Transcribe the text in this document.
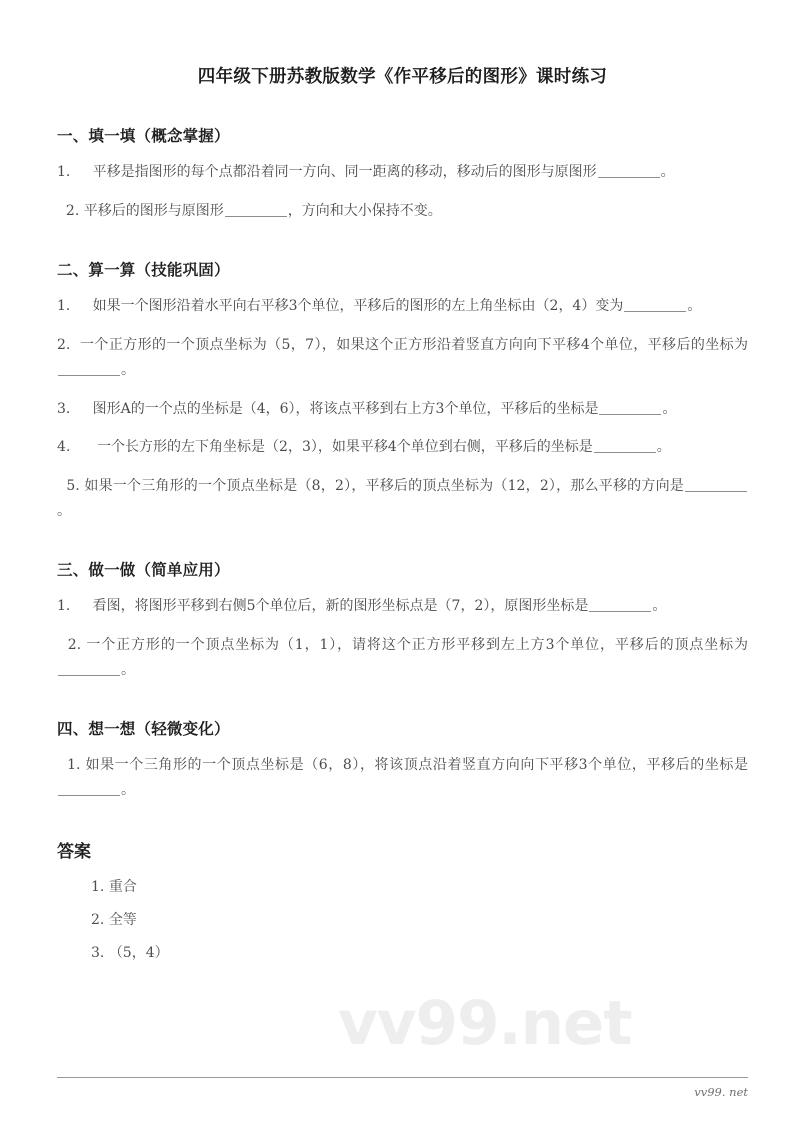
vv99.net
四年级下册苏教版数学《作平移后的图形》课时练习
一、填一填（概念掌握）
1. 平移是指图形的每个点都沿着同一方向、同一距离的移动，移动后的图形与原图形	。
2. 平移后的图形与原图形	，方向和大小保持不变。
二、算一算（技能巩固）
1. 如果一个图形沿着水平向右平移3个单位，平移后的图形的左上角坐标由（2，4）变为	。
2. 一个正方形的一个顶点坐标为（5，7），如果这个正方形沿着竖直方向向下平移4个单位，平移后的坐标为。
3. 图形A的一个点的坐标是（4，6），将该点平移到右上方3个单位，平移后的坐标是	。
4. 一个长方形的左下角坐标是（2，3），如果平移4个单位到右侧，平移后的坐标是	。
5. 如果一个三角形的一个顶点坐标是（8，2），平移后的顶点坐标为（12，2），那么平移的方向是。
三、做一做（简单应用）
1. 看图，将图形平移到右侧5个单位后，新的图形坐标点是（7，2），原图形坐标是	。
2. 一个正方形的一个顶点坐标为（1，1），请将这个正方形平移到左上方3个单位，平移后的顶点坐标为。
四、想一想（轻微变化）
1. 如果一个三角形的一个顶点坐标是（6，8），将该顶点沿着竖直方向向下平移3个单位，平移后的坐标是。
答案
1. 重合
2. 全等
3. （5，4）
vv99. net
